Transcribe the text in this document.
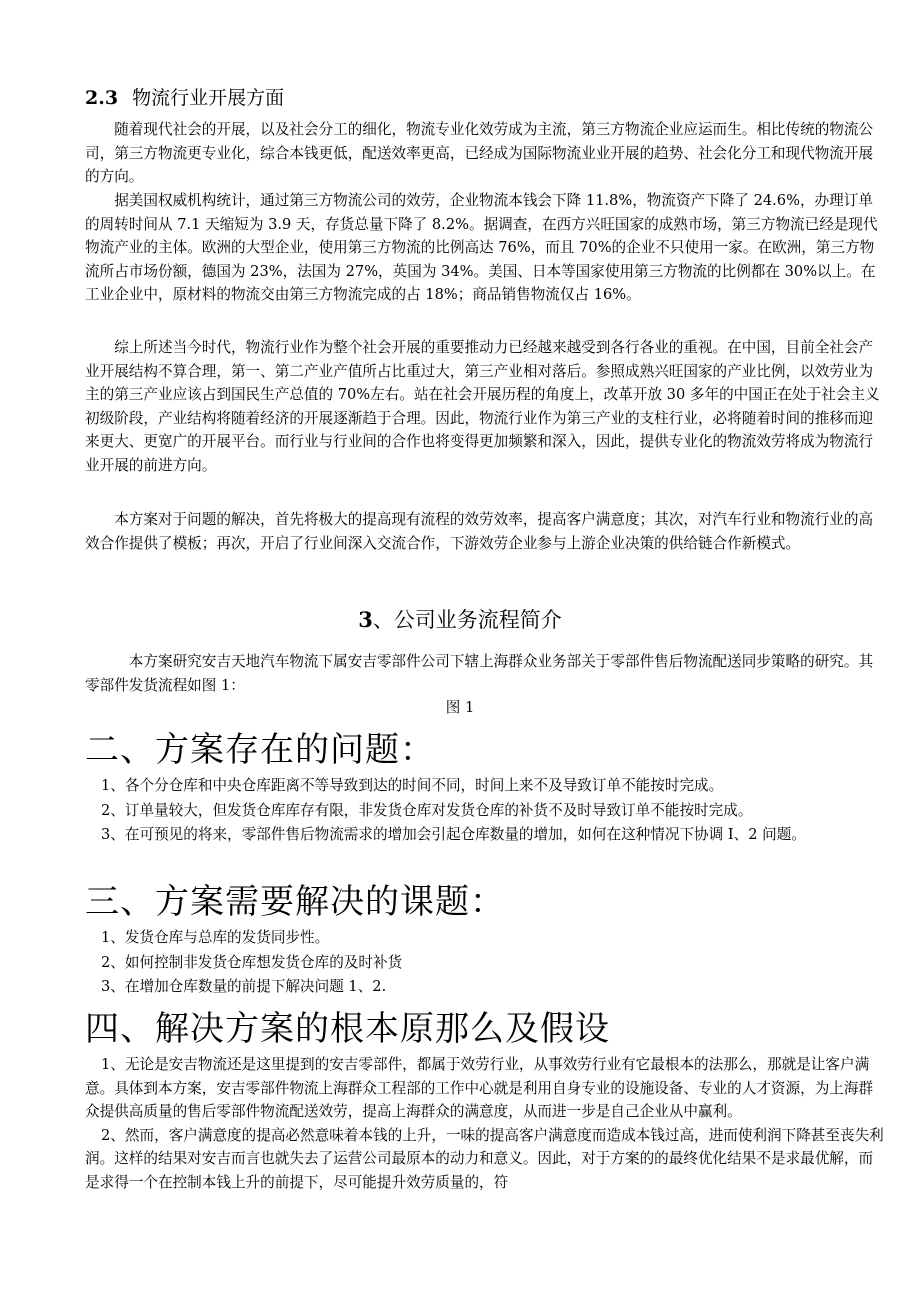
2.3 物流行业开展方面

随着现代社会的开展，以及社会分工的细化，物流专业化效劳成为主流，第三方物流企业应运而生。相比传统的物流公司，第三方物流更专业化，综合本钱更低，配送效率更高，已经成为国际物流业业开展的趋势、社会化分工和现代物流开展的方向。

据美国权威机构统计，通过第三方物流公司的效劳，企业物流本钱会下降 11.8%，物流资产下降了 24.6%，办理订单的周转时间从 7.1 天缩短为 3.9 天，存货总量下降了 8.2%。据调查，在西方兴旺国家的成熟市场，第三方物流已经是现代物流产业的主体。欧洲的大型企业，使用第三方物流的比例高达 76%，而且 70%的企业不只使用一家。在欧洲，第三方物流所占市场份额，德国为 23%，法国为 27%，英国为 34%。美国、日本等国家使用第三方物流的比例都在 30%以上。在工业企业中，原材料的物流交由第三方物流完成的占 18%；商品销售物流仅占 16%。

综上所述当今时代，物流行业作为整个社会开展的重要推动力已经越来越受到各行各业的重视。在中国，目前全社会产业开展结构不算合理，第一、第二产业产值所占比重过大，第三产业相对落后。参照成熟兴旺国家的产业比例，以效劳业为主的第三产业应该占到国民生产总值的 70%左右。站在社会开展历程的角度上，改革开放 30 多年的中国正在处于社会主义初级阶段，产业结构将随着经济的开展逐渐趋于合理。因此，物流行业作为第三产业的支柱行业，必将随着时间的推移而迎来更大、更宽广的开展平台。而行业与行业间的合作也将变得更加频繁和深入，因此，提供专业化的物流效劳将成为物流行业开展的前进方向。

本方案对于问题的解决，首先将极大的提高现有流程的效劳效率，提高客户满意度；其次，对汽车行业和物流行业的高效合作提供了模板；再次，开启了行业间深入交流合作，下游效劳企业参与上游企业决策的供给链合作新模式。

3、公司业务流程简介

本方案研究安吉天地汽车物流下属安吉零部件公司下辖上海群众业务部关于零部件售后物流配送同步策略的研究。其零部件发货流程如图 1：

图 1
二、方案存在的问题：
1、各个分仓库和中央仓库距离不等导致到达的时间不同，时间上来不及导致订单不能按时完成。
2、订单量较大，但发货仓库库存有限，非发货仓库对发货仓库的补货不及时导致订单不能按时完成。
3、在可预见的将来，零部件售后物流需求的增加会引起仓库数量的增加，如何在这种情况下协调 I、2 问题。
三、方案需要解决的课题：
1、发货仓库与总库的发货同步性。
2、如何控制非发货仓库想发货仓库的及时补货
3、在增加仓库数量的前提下解决问题 1、2.
四、解决方案的根本原那么及假设
1、无论是安吉物流还是这里提到的安吉零部件，都属于效劳行业，从事效劳行业有它最根本的法那么，那就是让客户满意。具体到本方案，安吉零部件物流上海群众工程部的工作中心就是利用自身专业的设施设备、专业的人才资源，为上海群众提供高质量的售后零部件物流配送效劳，提高上海群众的满意度，从而进一步是自己企业从中赢利。
2、然而，客户满意度的提高必然意味着本钱的上升，一味的提高客户满意度而造成本钱过高，进而使利润下降甚至丧失利润。这样的结果对安吉而言也就失去了运营公司最原本的动力和意义。因此，对于方案的的最终优化结果不是求最优解，而是求得一个在控制本钱上升的前提下，尽可能提升效劳质量的，符
